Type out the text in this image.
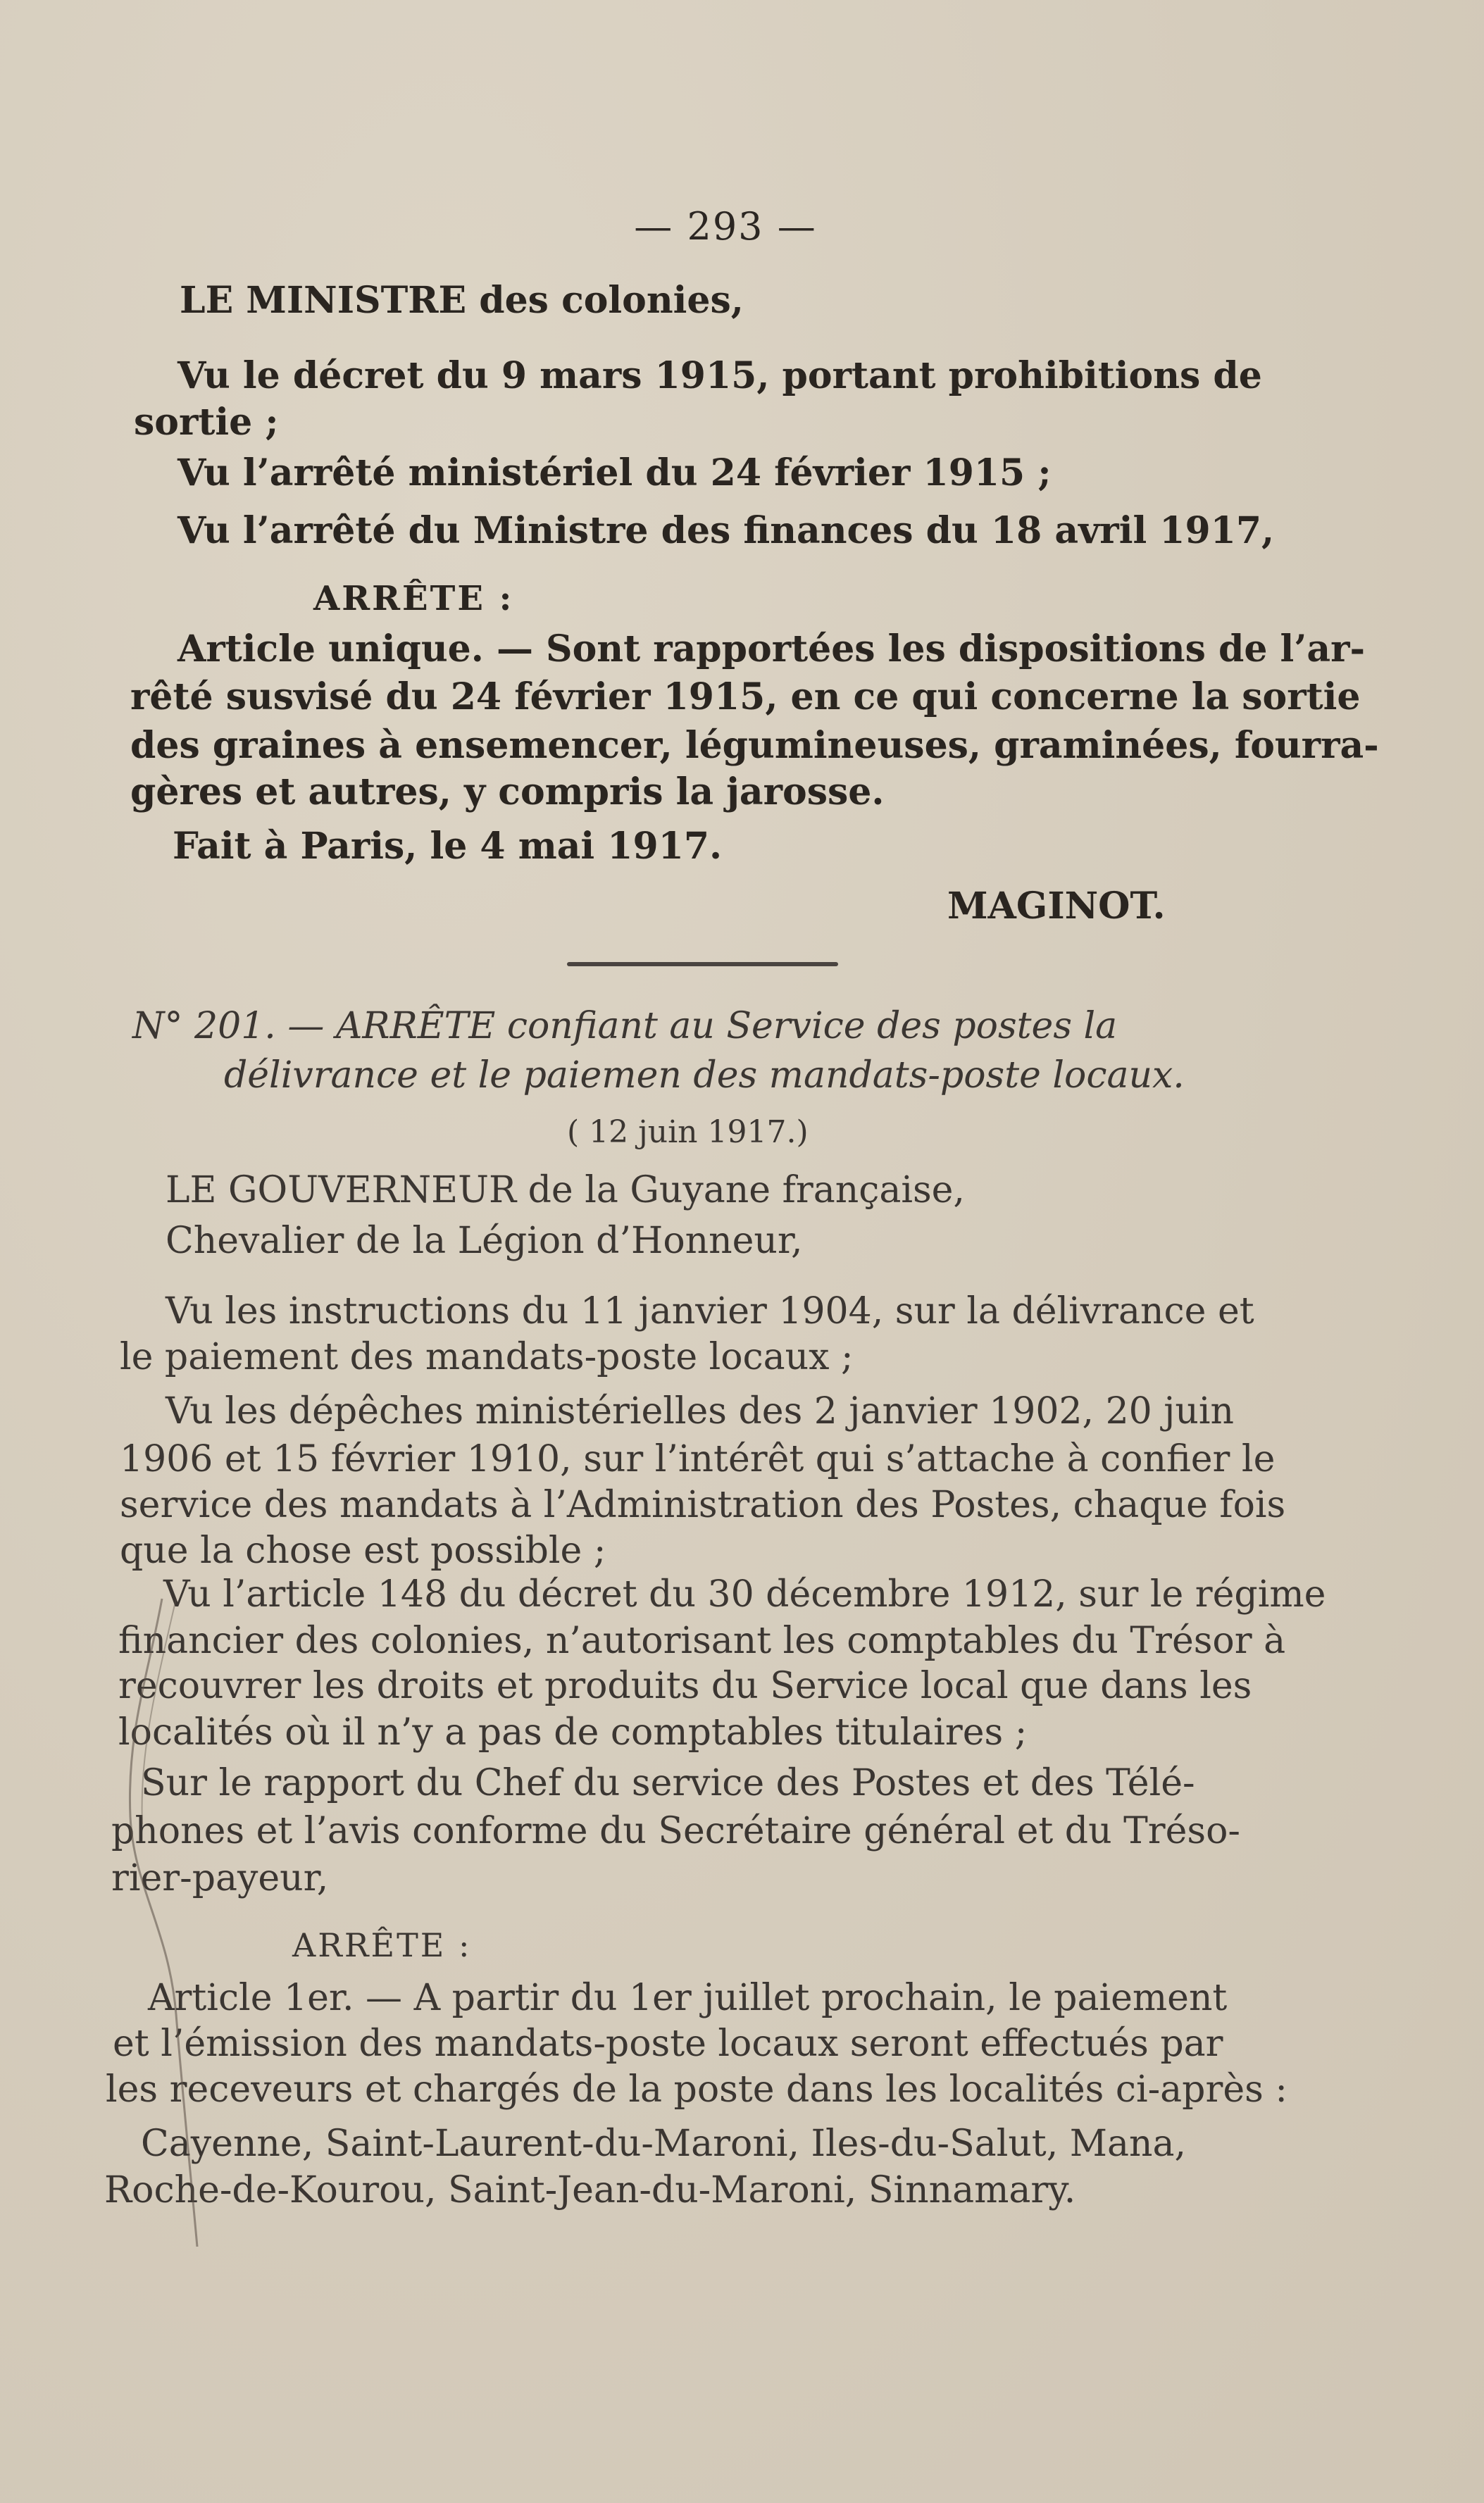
— 293 —
LE MINISTRE des colonies,
Vu le décret du 9 mars 1915, portant prohibitions de
sortie ;
Vu l’arrêté ministériel du 24 février 1915 ;
Vu l’arrêté du Ministre des finances du 18 avril 1917,
ARRÊTE :
Article unique. — Sont rapportées les dispositions de l’ar-
rêté susvisé du 24 février 1915, en ce qui concerne la sortie
des graines à ensemencer, légumineuses, graminées, fourra-
gères et autres, y compris la jarosse.
Fait à Paris, le 4 mai 1917.
MAGINOT.
N° 201. — ARRÊTE confiant au Service des postes la
délivrance et le paiemen des mandats-poste locaux.
( 12 juin 1917.)
LE GOUVERNEUR de la Guyane française,
Chevalier de la Légion d’Honneur,
Vu les instructions du 11 janvier 1904, sur la délivrance et
le paiement des mandats-poste locaux ;
Vu les dépêches ministérielles des 2 janvier 1902, 20 juin
1906 et 15 février 1910, sur l’intérêt qui s’attache à confier le
service des mandats à l’Administration des Postes, chaque fois
que la chose est possible ;
Vu l’article 148 du décret du 30 décembre 1912, sur le régime
financier des colonies, n’autorisant les comptables du Trésor à
recouvrer les droits et produits du Service local que dans les
localités où il n’y a pas de comptables titulaires ;
Sur le rapport du Chef du service des Postes et des Télé-
phones et l’avis conforme du Secrétaire général et du Tréso-
rier-payeur,
ARRÊTE :
Article 1er. — A partir du 1er juillet prochain, le paiement
et l’émission des mandats-poste locaux seront effectués par
les receveurs et chargés de la poste dans les localités ci-après :
Cayenne, Saint-Laurent-du-Maroni, Iles-du-Salut, Mana,
Roche-de-Kourou, Saint-Jean-du-Maroni, Sinnamary.
